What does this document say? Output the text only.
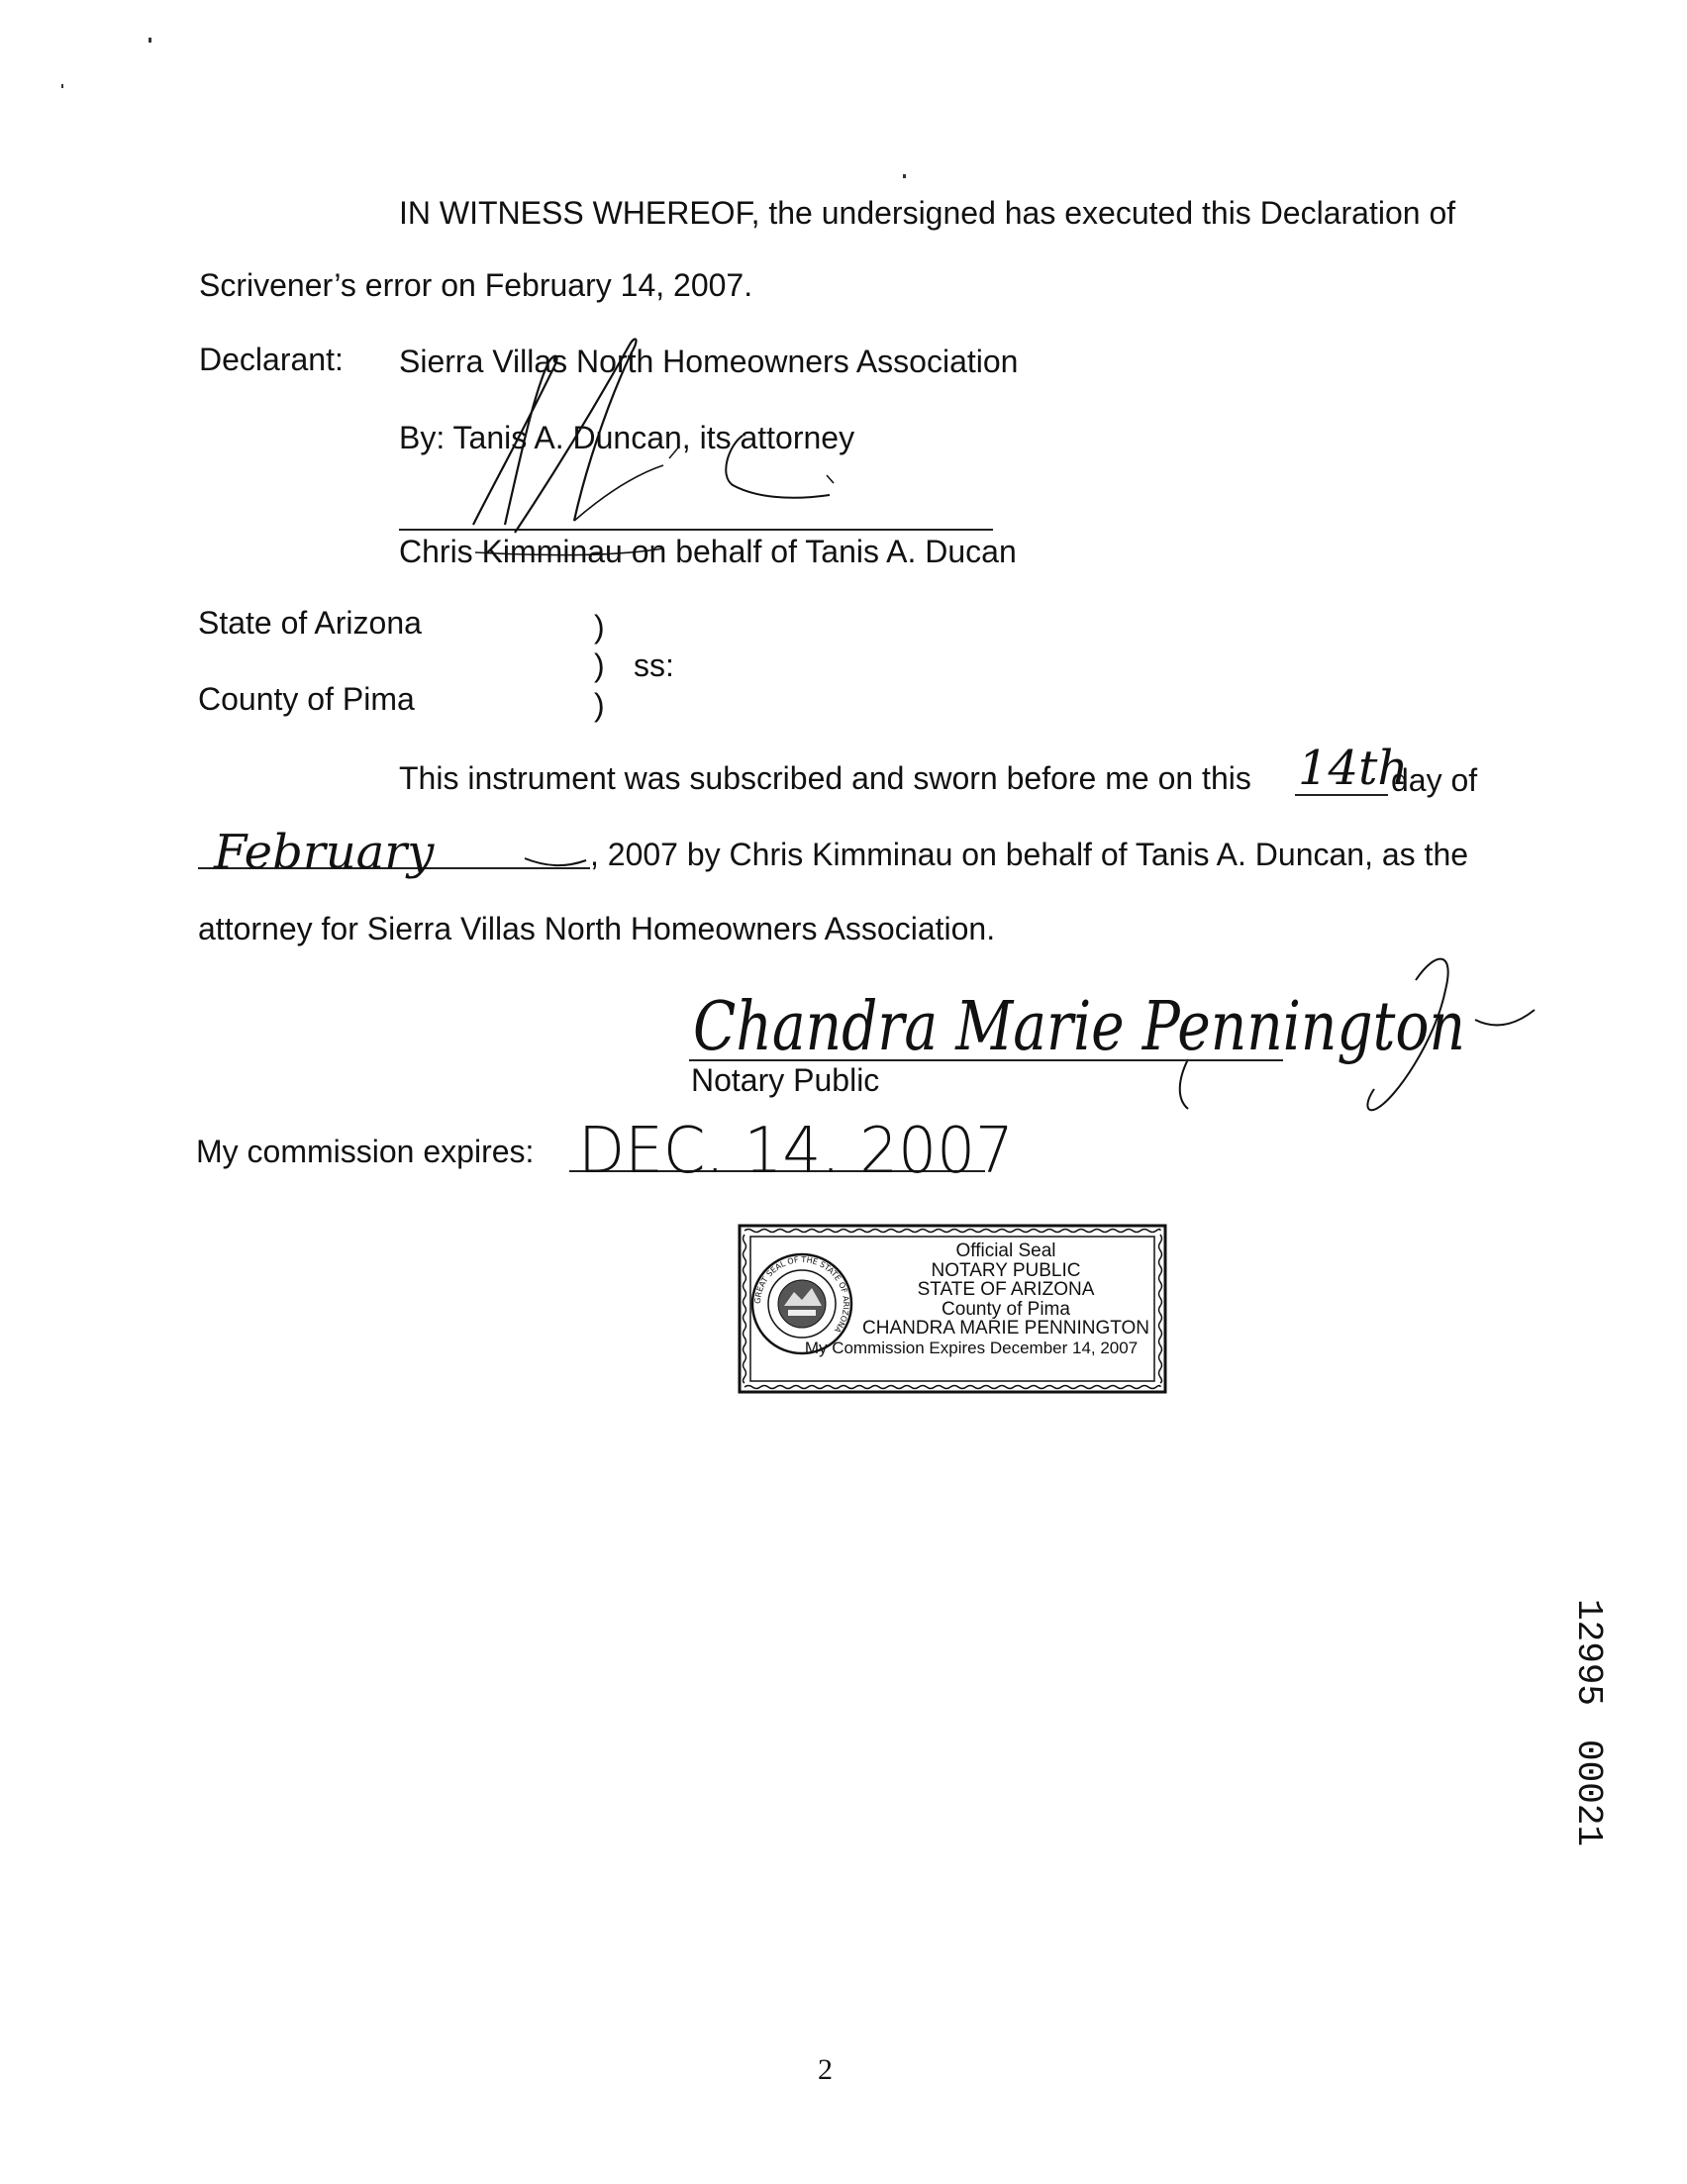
IN WITNESS WHEREOF, the undersigned has executed this Declaration of
Scrivener’s error on February 14, 2007.
Declarant: Sierra Villas North Homeowners Association
By: Tanis A. Duncan, its attorney
Chris Kimminau on behalf of Tanis A. Ducan
State of Arizona	)
) ss:
County of Pima	)
This instrument was subscribed and sworn before me on this	day of
14th
February	, 2007 by Chris Kimminau on behalf of Tanis A. Duncan, as the
attorney for Sierra Villas North Homeowners Association.
Chandra Marie Pennington
Notary Public
My commission expires: DEC. 14. 2007
GREAT SEAL OF THE STATE OF ARIZONA
Official Seal
NOTARY PUBLIC
STATE OF ARIZONA
County of Pima
CHANDRA MARIE PENNINGTON
My Commission Expires December 14, 2007
1299500021
2
